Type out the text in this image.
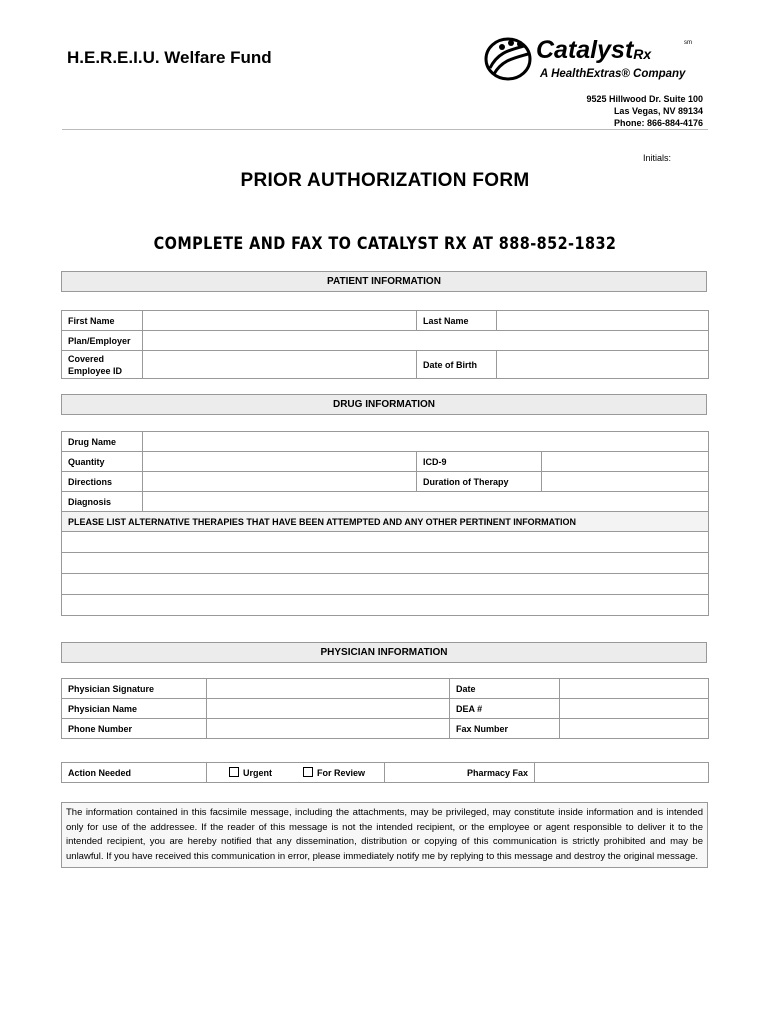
H.E.R.E.I.U. Welfare Fund	CatalystRx
sm
A HealthExtras® Company
9525 Hillwood Dr. Suite 100
Las Vegas, NV 89134
Phone: 866-884-4176
Initials:
PRIOR AUTHORIZATION FORM
COMPLETE AND FAX TO CATALYST RX AT 888-852-1832
PATIENT INFORMATION
First Name		Last Name	
Plan/Employer			
Covered Employee ID		Date of Birth	
DRUG INFORMATION
Drug Name			
Quantity		ICD-9	
Directions		Duration of Therapy	
Diagnosis			
PLEASE LIST ALTERNATIVE THERAPIES THAT HAVE BEEN ATTEMPTED AND ANY OTHER PERTINENT INFORMATION			

PHYSICIAN INFORMATION
Physician Signature		Date	
Physician Name		DEA #	
Phone Number		Fax Number	
Action Needed	Urgent	For Review	Pharmacy Fax	
The information contained in this facsimile message, including the attachments, may be privileged, may constitute inside information and is intended only for use of the addressee. If the reader of this message is not the intended recipient, or the employee or agent responsible to deliver it to the intended recipient, you are hereby notified that any dissemination, distribution or copying of this communication is strictly prohibited and may be unlawful. If you have received this communication in error, please immediately notify me by replying to this message and destroy the original message.
